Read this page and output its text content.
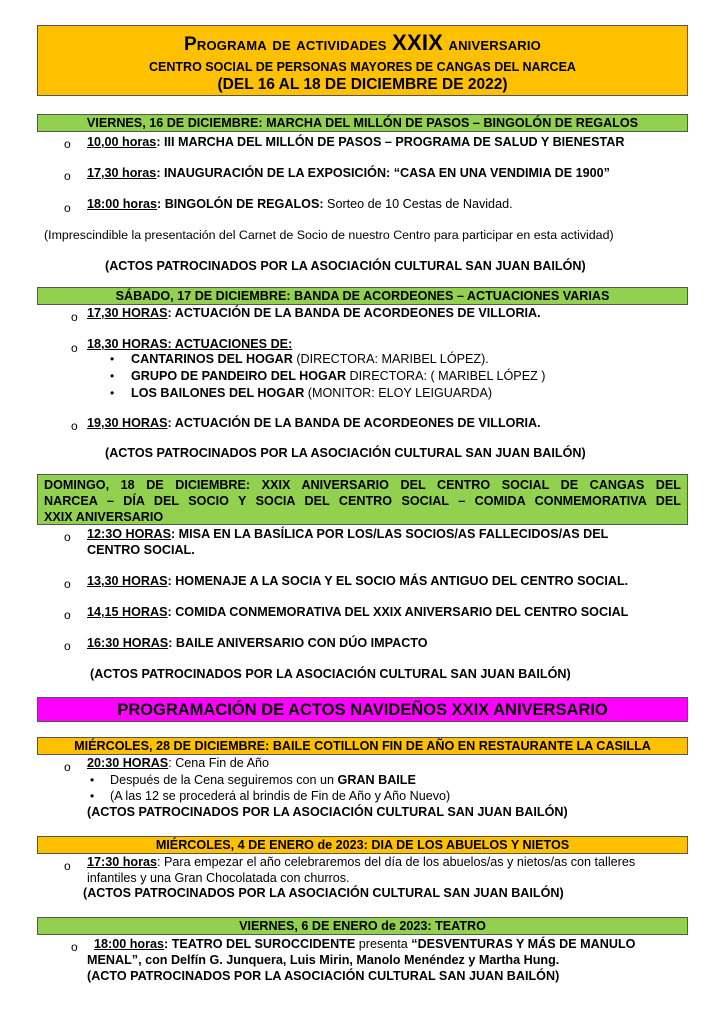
Programa de actividades XXIX aniversario
CENTRO SOCIAL DE PERSONAS MAYORES DE CANGAS DEL NARCEA
(DEL 16 AL 18 DE DICIEMBRE DE 2022)
VIERNES, 16 DE DICIEMBRE: MARCHA DEL MILLÓN DE PASOS – BINGOLÓN DE REGALOS
o 10,00 horas: III MARCHA DEL MILLÓN DE PASOS – PROGRAMA DE SALUD Y BIENESTAR
o 17,30 horas: INAUGURACIÓN DE LA EXPOSICIÓN: “CASA EN UNA VENDIMIA DE 1900”
o 18:00 horas: BINGOLÓN DE REGALOS: Sorteo de 10 Cestas de Navidad.
(Imprescindible la presentación del Carnet de Socio de nuestro Centro para participar en esta actividad)
(ACTOS PATROCINADOS POR LA ASOCIACIÓN CULTURAL SAN JUAN BAILÓN)
SÁBADO, 17 DE DICIEMBRE: BANDA DE ACORDEONES – ACTUACIONES VARIAS
o 17,30 HORAS: ACTUACIÓN DE LA BANDA DE ACORDEONES DE VILLORIA.
o 18,30 HORAS: ACTUACIONES DE:
• CANTARINOS DEL HOGAR (DIRECTORA: MARIBEL LÓPEZ).
• GRUPO DE PANDEIRO DEL HOGAR DIRECTORA: ( MARIBEL LÓPEZ )
• LOS BAILONES DEL HOGAR (MONITOR: ELOY LEIGUARDA)
o 19,30 HORAS: ACTUACIÓN DE LA BANDA DE ACORDEONES DE VILLORIA.
(ACTOS PATROCINADOS POR LA ASOCIACIÓN CULTURAL SAN JUAN BAILÓN)
DOMINGO, 18 DE DICIEMBRE: XXIX ANIVERSARIO DEL CENTRO SOCIAL DE CANGAS DEL
NARCEA – DÍA DEL SOCIO Y SOCIA DEL CENTRO SOCIAL – COMIDA CONMEMORATIVA DEL
XXIX ANIVERSARIO
o 12:3O HORAS: MISA EN LA BASÍLICA POR LOS/LAS SOCIOS/AS FALLECIDOS/AS DEL
CENTRO SOCIAL.
o 13,30 HORAS: HOMENAJE A LA SOCIA Y EL SOCIO MÁS ANTIGUO DEL CENTRO SOCIAL.
o 14,15 HORAS: COMIDA CONMEMORATIVA DEL XXIX ANIVERSARIO DEL CENTRO SOCIAL
o 16:30 HORAS: BAILE ANIVERSARIO CON DÚO IMPACTO
(ACTOS PATROCINADOS POR LA ASOCIACIÓN CULTURAL SAN JUAN BAILÓN)
PROGRAMACIÓN DE ACTOS NAVIDEÑOS XXIX ANIVERSARIO
MIÉRCOLES, 28 DE DICIEMBRE: BAILE COTILLON FIN DE AÑO EN RESTAURANTE LA CASILLA
o 20:30 HORAS: Cena Fin de Año
• Después de la Cena seguiremos con un GRAN BAILE
• (A las 12 se procederá al brindis de Fin de Año y Año Nuevo)
(ACTOS PATROCINADOS POR LA ASOCIACIÓN CULTURAL SAN JUAN BAILÓN)
MIÉRCOLES, 4 DE ENERO de 2023: DIA DE LOS ABUELOS Y NIETOS
o 17:30 horas: Para empezar el año celebraremos del día de los abuelos/as y nietos/as con talleres
infantiles y una Gran Chocolatada con churros.
(ACTOS PATROCINADOS POR LA ASOCIACIÓN CULTURAL SAN JUAN BAILÓN)
VIERNES, 6 DE ENERO de 2023: TEATRO
o 18:00 horas: TEATRO DEL SUROCCIDENTE presenta “DESVENTURAS Y MÁS DE MANULO
MENAL”, con Delfín G. Junquera, Luis Mirin, Manolo Menéndez y Martha Hung.
(ACTO PATROCINADOS POR LA ASOCIACIÓN CULTURAL SAN JUAN BAILÓN)
